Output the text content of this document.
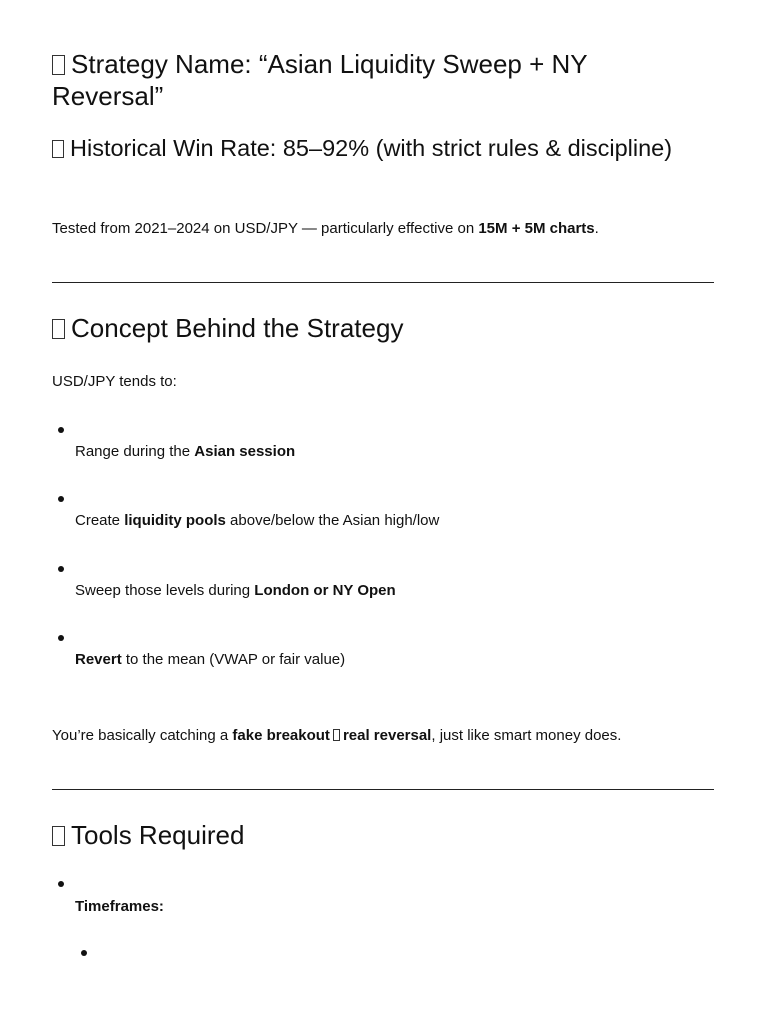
Strategy Name: “Asian Liquidity Sweep + NY Reversal”
Historical Win Rate: 85–92% (with strict rules & discipline)

Tested from 2021–2024 on USD/JPY — particularly effective on 15M + 5M charts.

Concept Behind the Strategy

USD/JPY tends to:

Range during the Asian session
Create liquidity pools above/below the Asian high/low
Sweep those levels during London or NY Open
Revert to the mean (VWAP or fair value)

You’re basically catching a fake breakout real reversal, just like smart money does.

Tools Required
Timeframes:
